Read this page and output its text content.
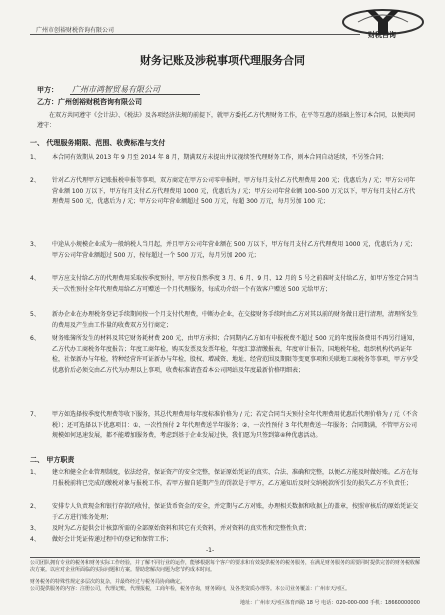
广州市创裕财税咨询有限公司
财税咨询
财务记账及涉税事项代理服务合同
甲方： 广州市鸿智贸易有限公司
乙方：广州创裕财税咨询有限公司
在双方共同遵守《会计法》、《税法》及各项经济法规的前提下，就甲方委托乙方代理财务工作，在平等互惠的基础上签订本合同，以便共同遵守：
一、 代理服务期限、范围、收费标准与支付
1、	本合同有效期从 2013 年 9 月至 2014 年 8 月，期满双方未提出并议视续签代理财务工作，则本合同自动延续，不另签合同；
2、	针对乙方代理甲方记账报税申报等事项，双方商定在甲方公司零申报时，甲方每月支付乙方代理费用 200 元；优惠后为 / 元；甲方公司年营业额 100 万以下，甲方每月支付乙方代理费用 1000 元，优惠后为 / 元；甲方公司年营业额 100-500 万元以下，甲方每月支付乙方代理费用 500 元，优惠后为 / 元；甲方公司年营业额超过 500 万元，每超 300 万元，每月另加 100 元；
3、	中途从小规模企业成为一般纳税人当月起，并且甲方公司年营业额在 500 万以下，甲方每月支付乙方代理费用 1000 元，优惠后为 / 元；甲方公司年营业额超过 500 万，按每超过一个 500 万元，每月另加 200 元；
4、	甲方应支付给乙方的代理费用采取按季度预付，甲方按自然季度 3 月、6 月、9 月、12 月的 5 号之前准时支付给乙方，如甲方签定合同当天一次性预付全年代理费用给乙方可赠送一个月代理服务，每成功介绍一个有效客户赠送 500 元给甲方；
5、	新办企业在办理税务登记手续期间按一个月支付代理费，中断办企业，在交接财务手续时由乙方对其以前的财务做日进行清理，清理所发生的费用及产生由工作量的收费双方另行商定；
6、	财务账簿所发生的材料及其它财务耗材费 200 元，由甲方承担；合同期内乙方如有申报税费不超过 500 元的年度报备费用不再另行通知，乙方代办工商税务年度报告；年度工商年检，购买发票及发票年检，年度汇算清缴报表，年度审计报告，国地税年检，组织机构代码证年检，社保新办与年检，特种经营许可证新办与年检，股权、增减资、地址、经营范围及期限等变更事项和关联地工商税务等事项，甲方享受优惠价后必须交由乙方代为办理以上事项，收费标准请查看本公司网站及年度最新价格明细表；
7、	甲方如选择按季度代理费等收下服务，其总代理费用每年度标准价格为 / 元；若定合同当天预付全年代理费用优惠后代理价格为 / 元（不含税）；还可选择以下优惠项目：①、一次性预付 2 年代理费送半年服务；②、一次性预付 3 年代理费送一年服务；合同期满，不管甲方公司规模如何迅速发展，都不能增加服务费，考虑到基于企业发展过快，我们愿为只签到第④种优惠活动。
二、 甲方职责
1、	建立和健全企业管理制度，依法经营，保证资产的安全完整，保证原始凭证的真实、合法、准确和完整，以便乙方能及时做好账。乙方在每月报税前将已完成的缴税对象与报税工作，若甲方擅自延期产生的罚款是于甲方，乙方通知后及时交纳税款所引发的损失乙方不负责任；
2、	安排专人负责现金和银行存款的收付，保证货币资金的安全，并定期与乙方对账，办理相关数据和收据上的盖章，按照审核后的原始凭证交于乙方进行账务处理；
3、	及时为乙方提供会计核算所需的全部原始资料和其它有关资料，并对资料的真实性和完整性负责；
4、	做好会计凭证传递过程中的登记和保管工作；
-1-
公司团队拥有专业的税务和财务实际工作经验，并了解不同行业的运作，能够根据每个客户的要求和有效提供税务的税务服务，在满足财务服务的需要同时提供完善的财务税收解决方案。以应对企业所面临的实际问题和方案。帮助您解决问题为您节约成本时间。
财务税务的特殊性规定多层次的复杂，并最终经过与税务局协商确定。
公司提供服务的内容：注册公司，代理记账，代理报税，工商年检，税务咨询，财务顾问，及各类资质办理等。本公司业务覆盖：广州市天河区。
地址：广州市天河区体育西路 18 号 电话：020-000-000 手机：18660000000
